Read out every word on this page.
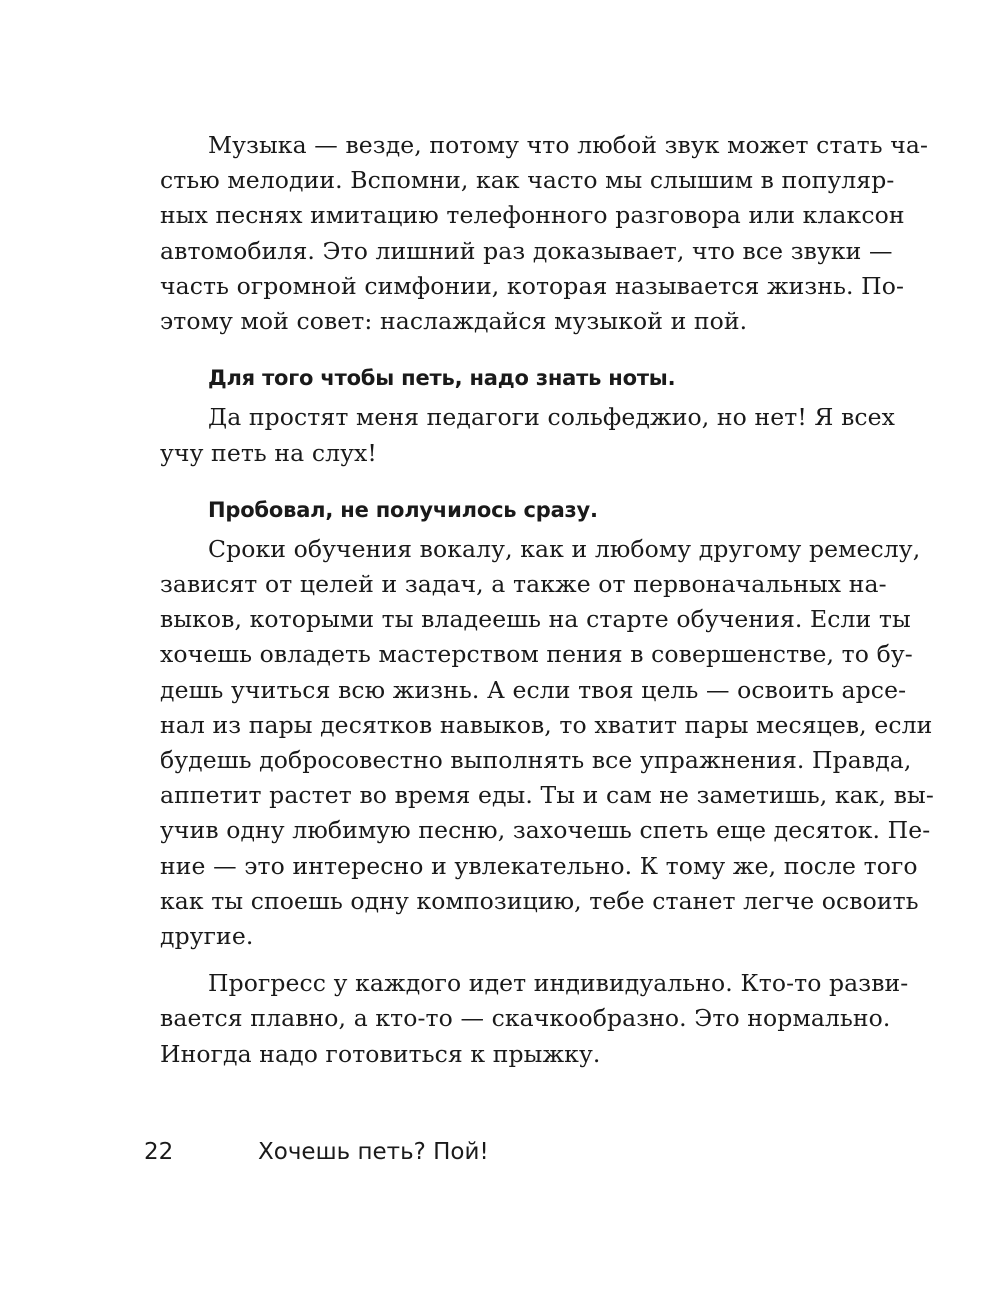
Музыка — везде, потому что любой звук может стать ча-
стью мелодии. Вспомни, как часто мы слышим в популяр-
ных песнях имитацию телефонного разговора или клаксон
автомобиля. Это лишний раз доказывает, что все звуки —
часть огромной симфонии, которая называется жизнь. По-
этому мой совет: наслаждайся музыкой и пой.
Для того чтобы петь, надо знать ноты.
Да простят меня педагоги сольфеджио, но нет! Я всех
учу петь на слух!
Пробовал, не получилось сразу.
Сроки обучения вокалу, как и любому другому ремеслу,
зависят от целей и задач, а также от первоначальных на-
выков, которыми ты владеешь на старте обучения. Если ты
хочешь овладеть мастерством пения в совершенстве, то бу-
дешь учиться всю жизнь. А если твоя цель — освоить арсе-
нал из пары десятков навыков, то хватит пары месяцев, если
будешь добросовестно выполнять все упражнения. Правда,
аппетит растет во время еды. Ты и сам не заметишь, как, вы-
учив одну любимую песню, захочешь спеть еще десяток. Пе-
ние — это интересно и увлекательно. К тому же, после того
как ты споешь одну композицию, тебе станет легче освоить
другие.
Прогресс у каждого идет индивидуально. Кто-то разви-
вается плавно, а кто-то — скачкообразно. Это нормально.
Иногда надо готовиться к прыжку.
22	Хочешь петь? Пой!
